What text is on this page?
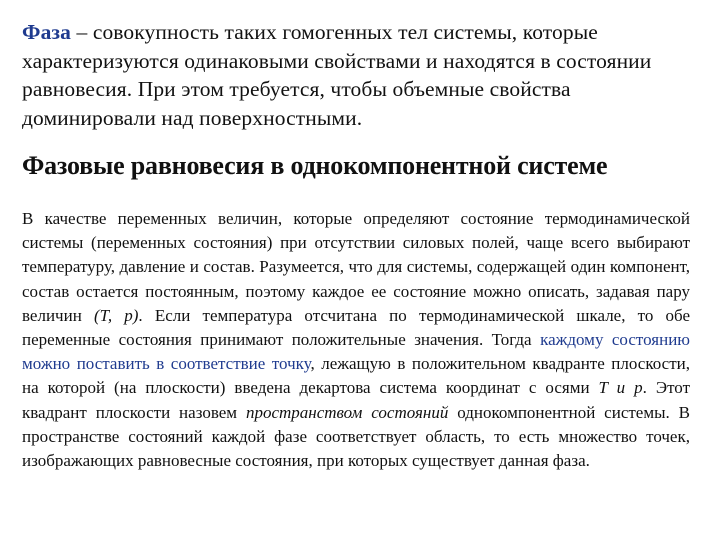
Фаза – совокупность таких гомогенных тел системы, которые характеризуются одинаковыми свойствами и находятся в состоянии равновесия. При этом требуется, чтобы объемные свойства доминировали над поверхностными.

Фазовые равновесия в однокомпонентной системе

В качестве переменных величин, которые определяют состояние термодинамической системы (переменных состояния) при отсутствии силовых полей, чаще всего выбирают температуру, давление и состав. Разумеется, что для системы, содержащей один компонент, состав остается постоянным, поэтому каждое ее состояние можно описать, задавая пару величин (T, p). Если температура отсчитана по термодинамической шкале, то обе переменные состояния принимают положительные значения. Тогда каждому состоянию можно поставить в соответствие точку, лежащую в положительном квадранте плоскости, на которой (на плоскости) введена декартова система координат с осями T и p. Этот квадрант плоскости назовем пространством состояний однокомпонентной системы. В пространстве состояний каждой фазе соответствует область, то есть множество точек, изображающих равновесные состояния, при которых существует данная фаза.
